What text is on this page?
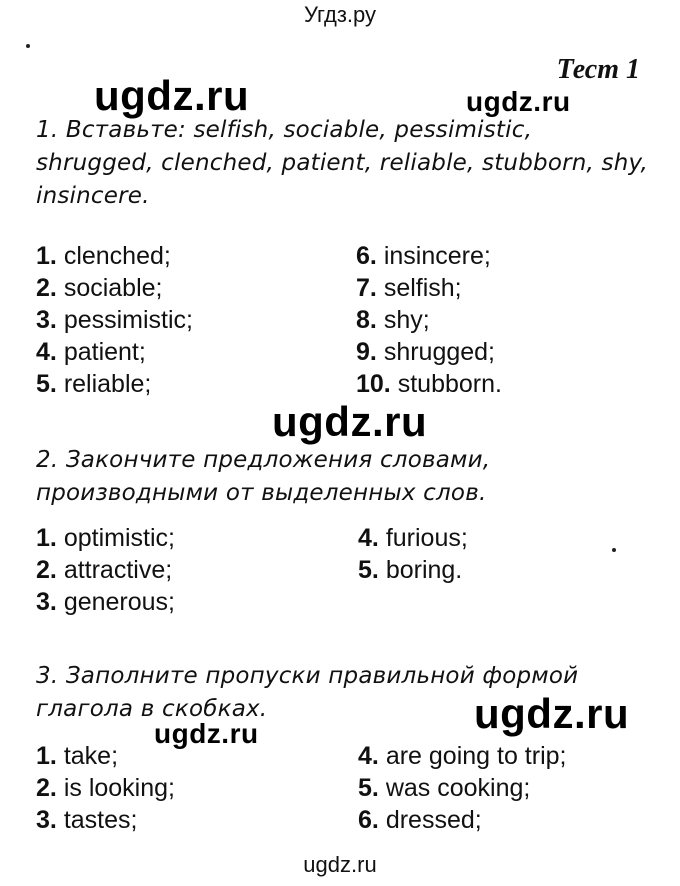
Угдз.ру
Тест 1
ugdz.ru	ugdz.ru
ugdz.ru
ugdz.ru
ugdz.ru
1. Вставьте: selfish, sociable, pessimistic, shrugged, clenched, patient, reliable, stubborn, shy, insincere.
1. clenched;
2. sociable;
3. pessimistic;
4. patient;
5. reliable;
6. insincere;
7. selfish;
8. shy;
9. shrugged;
10. stubborn.
2. Закончите предложения словами, производными от выделенных слов.
1. optimistic;
2. attractive;
3. generous;
4. furious;
5. boring.
3. Заполните пропуски правильной формой глагола в скобках.
1. take;
2. is looking;
3. tastes;
4. are going to trip;
5. was cooking;
6. dressed;
ugdz.ru
